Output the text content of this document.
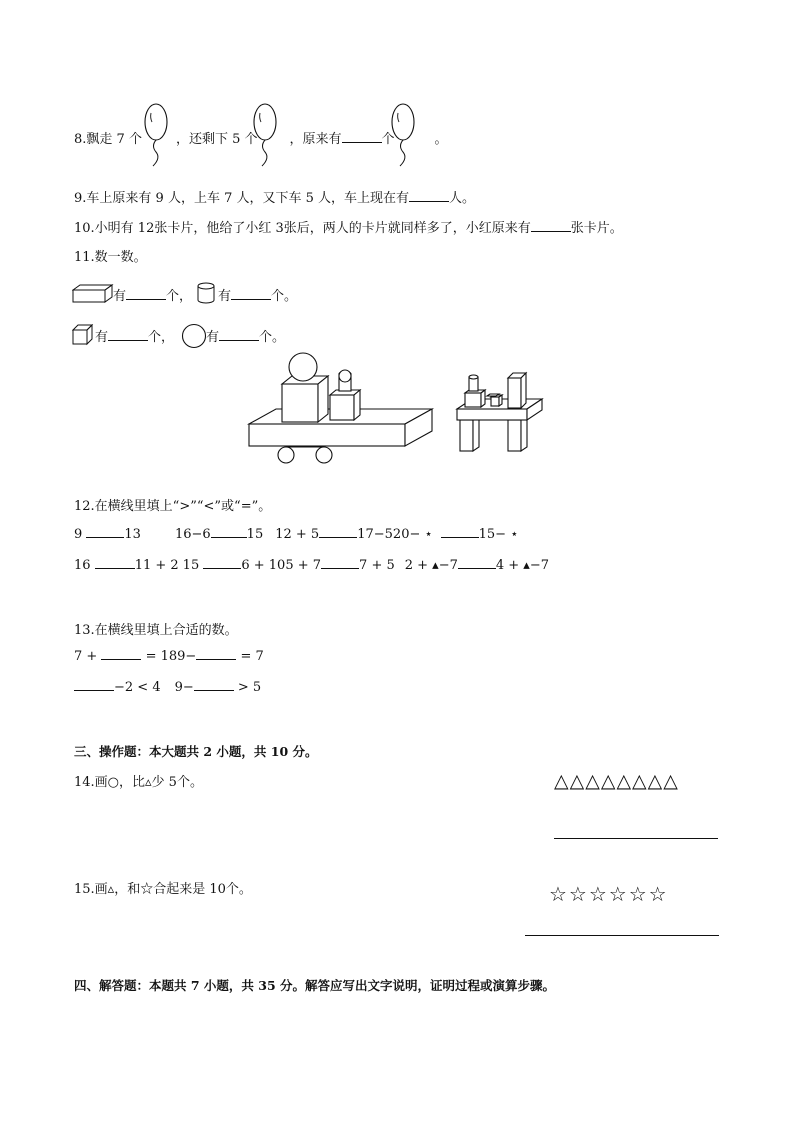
8.飘走 7 个	，还剩下 5 个 ，原来有	个	。
9.车上原来有 9 人，上车 7 人，又下车 5 人，车上现在有	人。
10.小明有 12张卡片，他给了小红 3张后，两人的卡片就同样多了，小红原来有	张卡片。
11.数一数。
有	个， 有	个。
有	个， 有	个。
12.在横线里填上“>”“<”或“=”。
9	13	16−6	15 12 + 5	17−520− ⋆	15− ⋆
16	11 + 2 15	6 + 105 + 7	7 + 5 2 + ▴−7	4 + ▴−7
13.在横线里填上合适的数。
7 +	= 189−	= 7
−2 < 4 9−	> 5
三、操作题：本大题共 2 小题，共 10 分。
14.画○，比▵少 5个。	△△△△△△△△
15.画▵，和☆合起来是 10个。	☆☆☆☆☆☆
四、解答题：本题共 7 小题，共 35 分。解答应写出文字说明，证明过程或演算步骤。
